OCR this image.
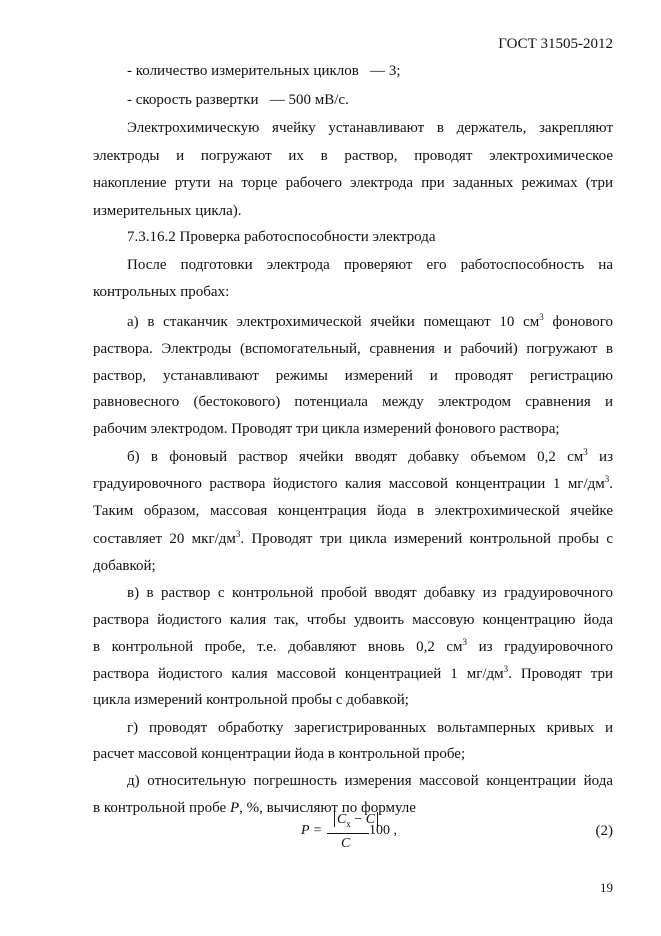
ГОСТ 31505-2012
- количество измерительных циклов — 3;
- скорость развертки — 500 мВ/с.
Электрохимическую ячейку устанавливают в держатель, закрепляют
электроды и погружают их в раствор, проводят электрохимическое
накопление ртути на торце рабочего электрода при заданных режимах (три
измерительных цикла).
7.3.16.2 Проверка работоспособности электрода
После подготовки электрода проверяют его работоспособность на
контрольных пробах:
а) в стаканчик электрохимической ячейки помещают 10 $см^3$ фонового
раствора. Электроды (вспомогательный, сравнения и рабочий) погружают в
раствор, устанавливают режимы измерений и проводят регистрацию
равновесного (бестокового) потенциала между электродом сравнения и
рабочим электродом. Проводят три цикла измерений фонового раствора;
б) в фоновый раствор ячейки вводят добавку объемом 0,2 $см^3$ из
градуировочного раствора йодистого калия массовой концентрации 1 $мг/дм^3$.
Таким образом, массовая концентрация йода в электрохимической ячейке
составляет 20 мкг/$дм^3$. Проводят три цикла измерений контрольной пробы с
добавкой;
в) в раствор с контрольной пробой вводят добавку из градуировочного
раствора йодистого калия так, чтобы удвоить массовую концентрацию йода
в контрольной пробе, т.е. добавляют вновь 0,2 $см^3$ из градуировочного
раствора йодистого калия массовой концентрацией 1 $мг/дм^3$. Проводят три
цикла измерений контрольной пробы с добавкой;
г) проводят обработку зарегистрированных вольтамперных кривых и
расчет массовой концентрации йода в контрольной пробе;
д) относительную погрешность измерения массовой концентрации йода
в контрольной пробе P, %, вычисляют по формуле
P =
$C_x - C$
C
100 ,	(2)
19
